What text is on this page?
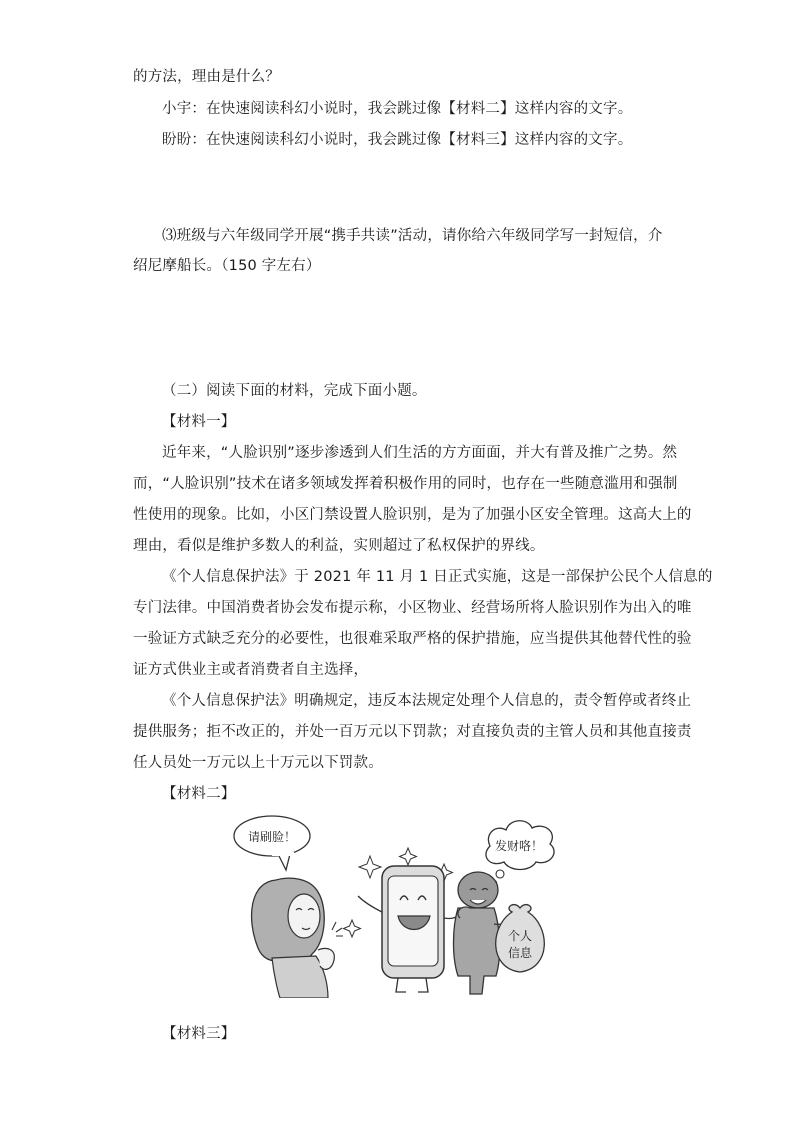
的方法，理由是什么？
小宇：在快速阅读科幻小说时，我会跳过像【材料二】这样内容的文字。
盼盼：在快速阅读科幻小说时，我会跳过像【材料三】这样内容的文字。
⑶班级与六年级同学开展“携手共读”活动，请你给六年级同学写一封短信，介
绍尼摩船长。（150 字左右）
（二）阅读下面的材料，完成下面小题。
【材料一】
近年来，“人脸识别”逐步渗透到人们生活的方方面面，并大有普及推广之势。然
而，“人脸识别”技术在诸多领域发挥着积极作用的同时，也存在一些随意滥用和强制
性使用的现象。比如，小区门禁设置人脸识别，是为了加强小区安全管理。这高大上的
理由，看似是维护多数人的利益，实则超过了私权保护的界线。
《个人信息保护法》于 2021 年 11 月 1 日正式实施，这是一部保护公民个人信息的
专门法律。中国消费者协会发布提示称，小区物业、经营场所将人脸识别作为出入的唯
一验证方式缺乏充分的必要性，也很难采取严格的保护措施，应当提供其他替代性的验
证方式供业主或者消费者自主选择，
《个人信息保护法》明确规定，违反本法规定处理个人信息的，责令暂停或者终止
提供服务；拒不改正的，并处一百万元以下罚款；对直接负责的主管人员和其他直接责
任人员处一万元以上十万元以下罚款。
【材料二】
请刷脸！
发财咯！
个人
信息
【材料三】
